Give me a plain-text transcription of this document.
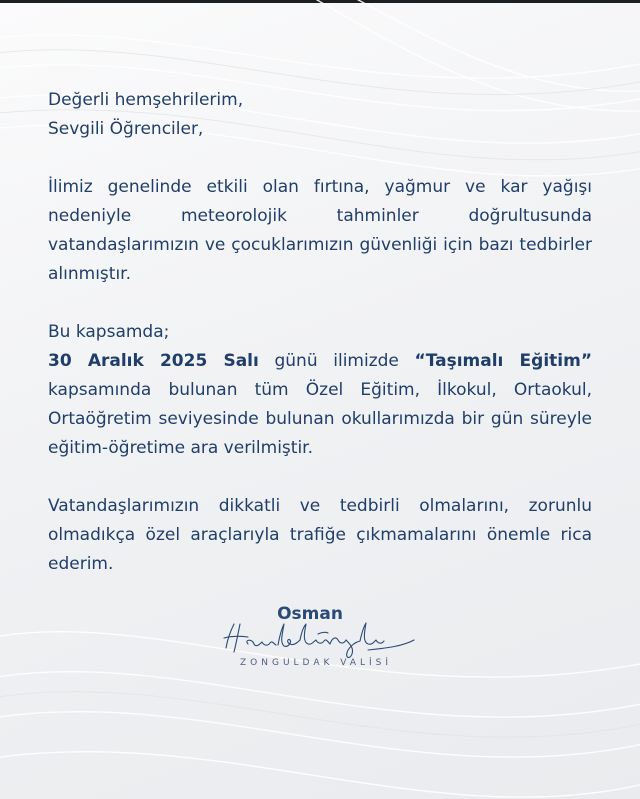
Değerli hemşehrilerim,

Sevgili Öğrenciler,

İlimiz genelinde etkili olan fırtına, yağmur ve kar yağışı nedeniyle meteorolojik tahminler doğrultusunda vatandaşlarımızın ve çocuklarımızın güvenliği için bazı tedbirler alınmıştır.

Bu kapsamda;

30 Aralık 2025 Salı günü ilimizde “Taşımalı Eğitim” kapsamında bulunan tüm Özel Eğitim, İlkokul, Ortaokul, Ortaöğretim seviyesinde bulunan okullarımızda bir gün süreyle eğitim-öğretime ara verilmiştir.

Vatandaşlarımızın dikkatli ve tedbirli olmalarını, zorunlu olmadıkça özel araçlarıyla trafiğe çıkmamalarını önemle rica ederim.

Osman
ZONGULDAK VALİSİ
